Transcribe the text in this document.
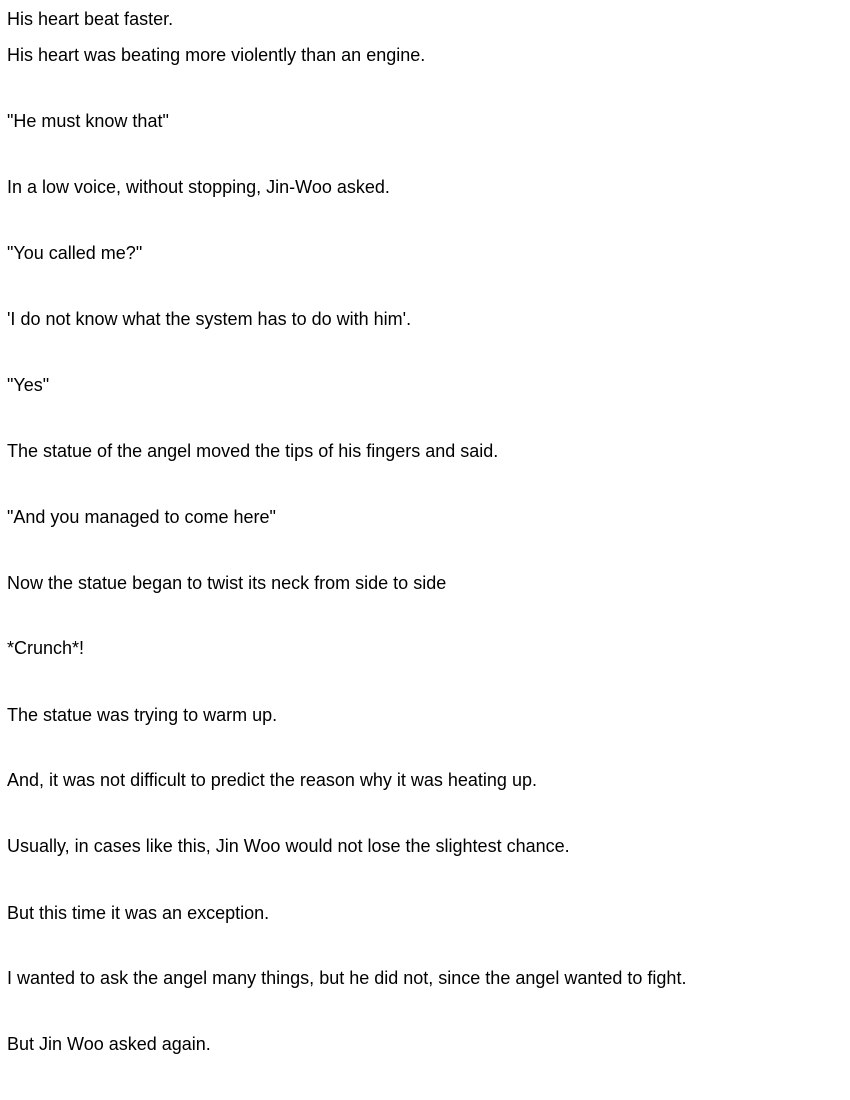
His heart beat faster.

His heart was beating more violently than an engine.

"He must know that"

In a low voice, without stopping, Jin-Woo asked.

"You called me?"

'I do not know what the system has to do with him'.

"Yes"

The statue of the angel moved the tips of his fingers and said.

"And you managed to come here"

Now the statue began to twist its neck from side to side

*Crunch*!

The statue was trying to warm up.

And, it was not difficult to predict the reason why it was heating up.

Usually, in cases like this, Jin Woo would not lose the slightest chance.

But this time it was an exception.

I wanted to ask the angel many things, but he did not, since the angel wanted to fight.

But Jin Woo asked again.
